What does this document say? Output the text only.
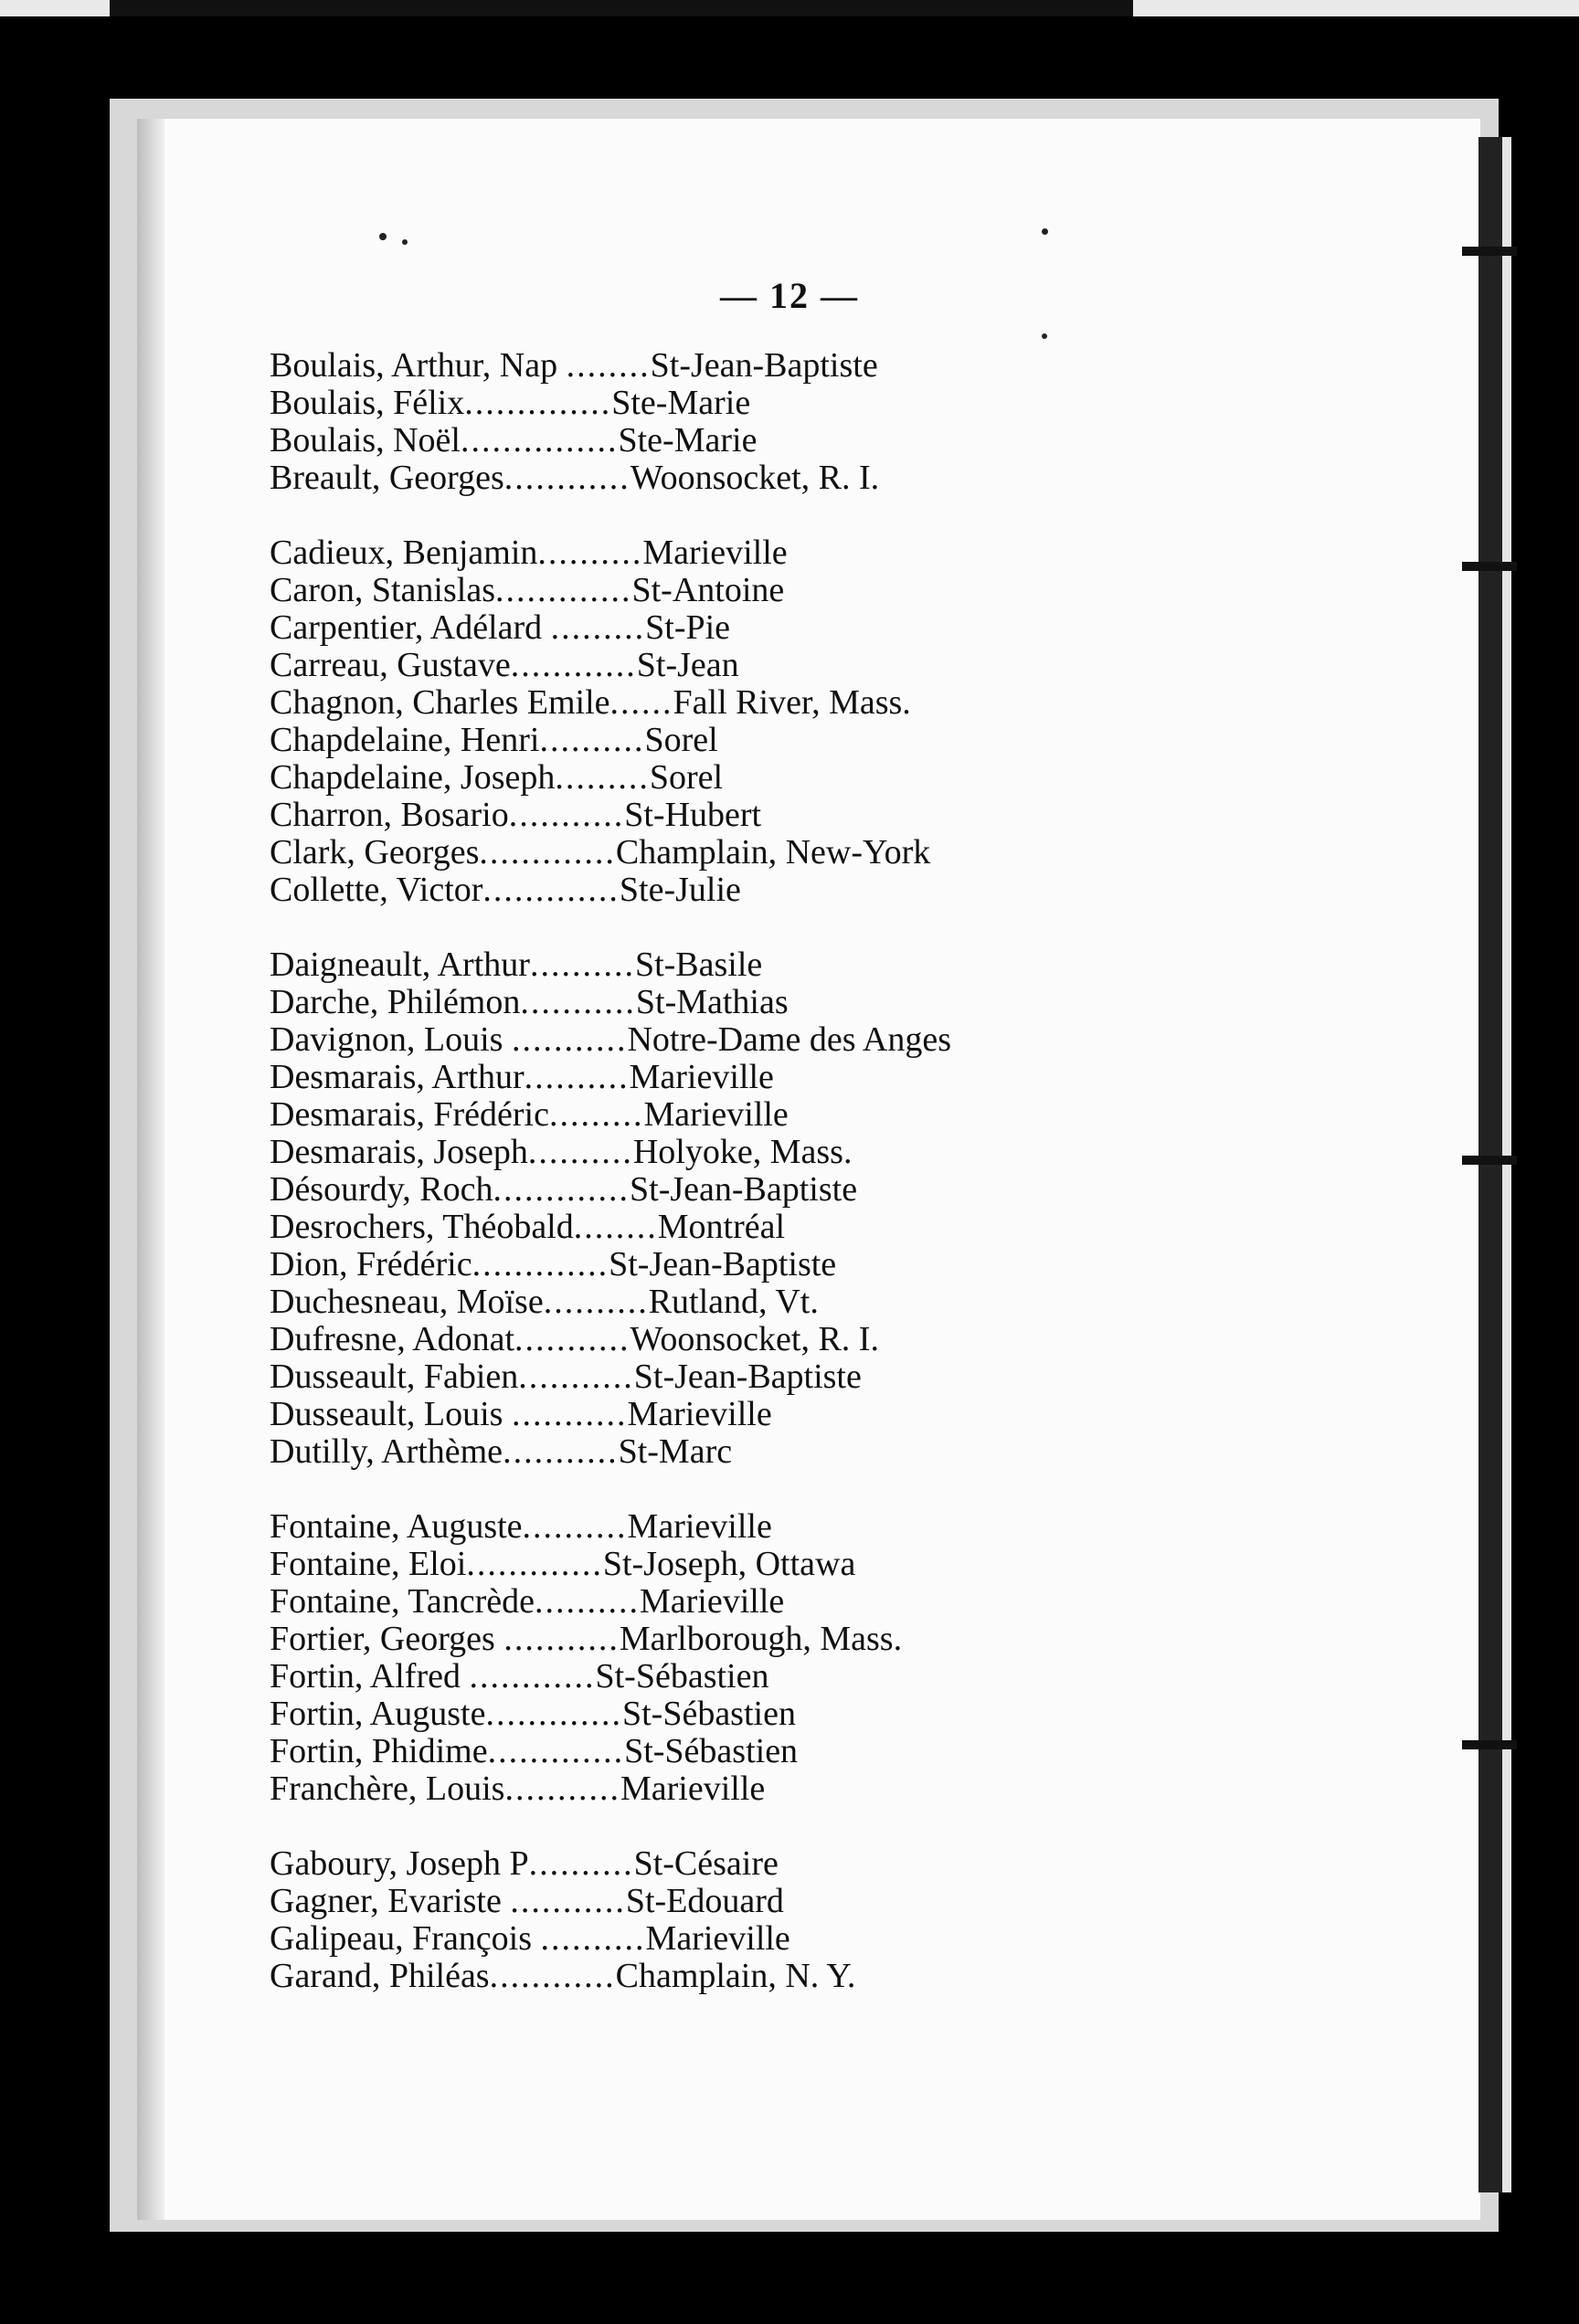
— 12 —
Boulais, Arthur, Nap ........ St-Jean-Baptiste
Boulais, Félix .............. Ste-Marie
Boulais, Noël ............... Ste-Marie
Breault, Georges ............ Woonsocket, R. I.
Cadieux, Benjamin .......... Marieville
Caron, Stanislas ............. St-Antoine
Carpentier, Adélard ......... St-Pie
Carreau, Gustave ............ St-Jean
Chagnon, Charles Emile ...... Fall River, Mass.
Chapdelaine, Henri .......... Sorel
Chapdelaine, Joseph ......... Sorel
Charron, Bosario ........... St-Hubert
Clark, Georges ............. Champlain, New-York
Collette, Victor ............. Ste-Julie
Daigneault, Arthur .......... St-Basile
Darche, Philémon ........... St-Mathias
Davignon, Louis ........... Notre-Dame des Anges
Desmarais, Arthur .......... Marieville
Desmarais, Frédéric ......... Marieville
Desmarais, Joseph .......... Holyoke, Mass.
Désourdy, Roch ............. St-Jean-Baptiste
Desrochers, Théobald ........ Montréal
Dion, Frédéric ............. St-Jean-Baptiste
Duchesneau, Moïse .......... Rutland, Vt.
Dufresne, Adonat ........... Woonsocket, R. I.
Dusseault, Fabien ........... St-Jean-Baptiste
Dusseault, Louis ........... Marieville
Dutilly, Arthème ........... St-Marc
Fontaine, Auguste .......... Marieville
Fontaine, Eloi ............. St-Joseph, Ottawa
Fontaine, Tancrède .......... Marieville
Fortier, Georges ........... Marlborough, Mass.
Fortin, Alfred ............ St-Sébastien
Fortin, Auguste ............. St-Sébastien
Fortin, Phidime ............. St-Sébastien
Franchère, Louis ........... Marieville
Gaboury, Joseph P .......... St-Césaire
Gagner, Evariste ........... St-Edouard
Galipeau, François .......... Marieville
Garand, Philéas ............ Champlain, N. Y.
